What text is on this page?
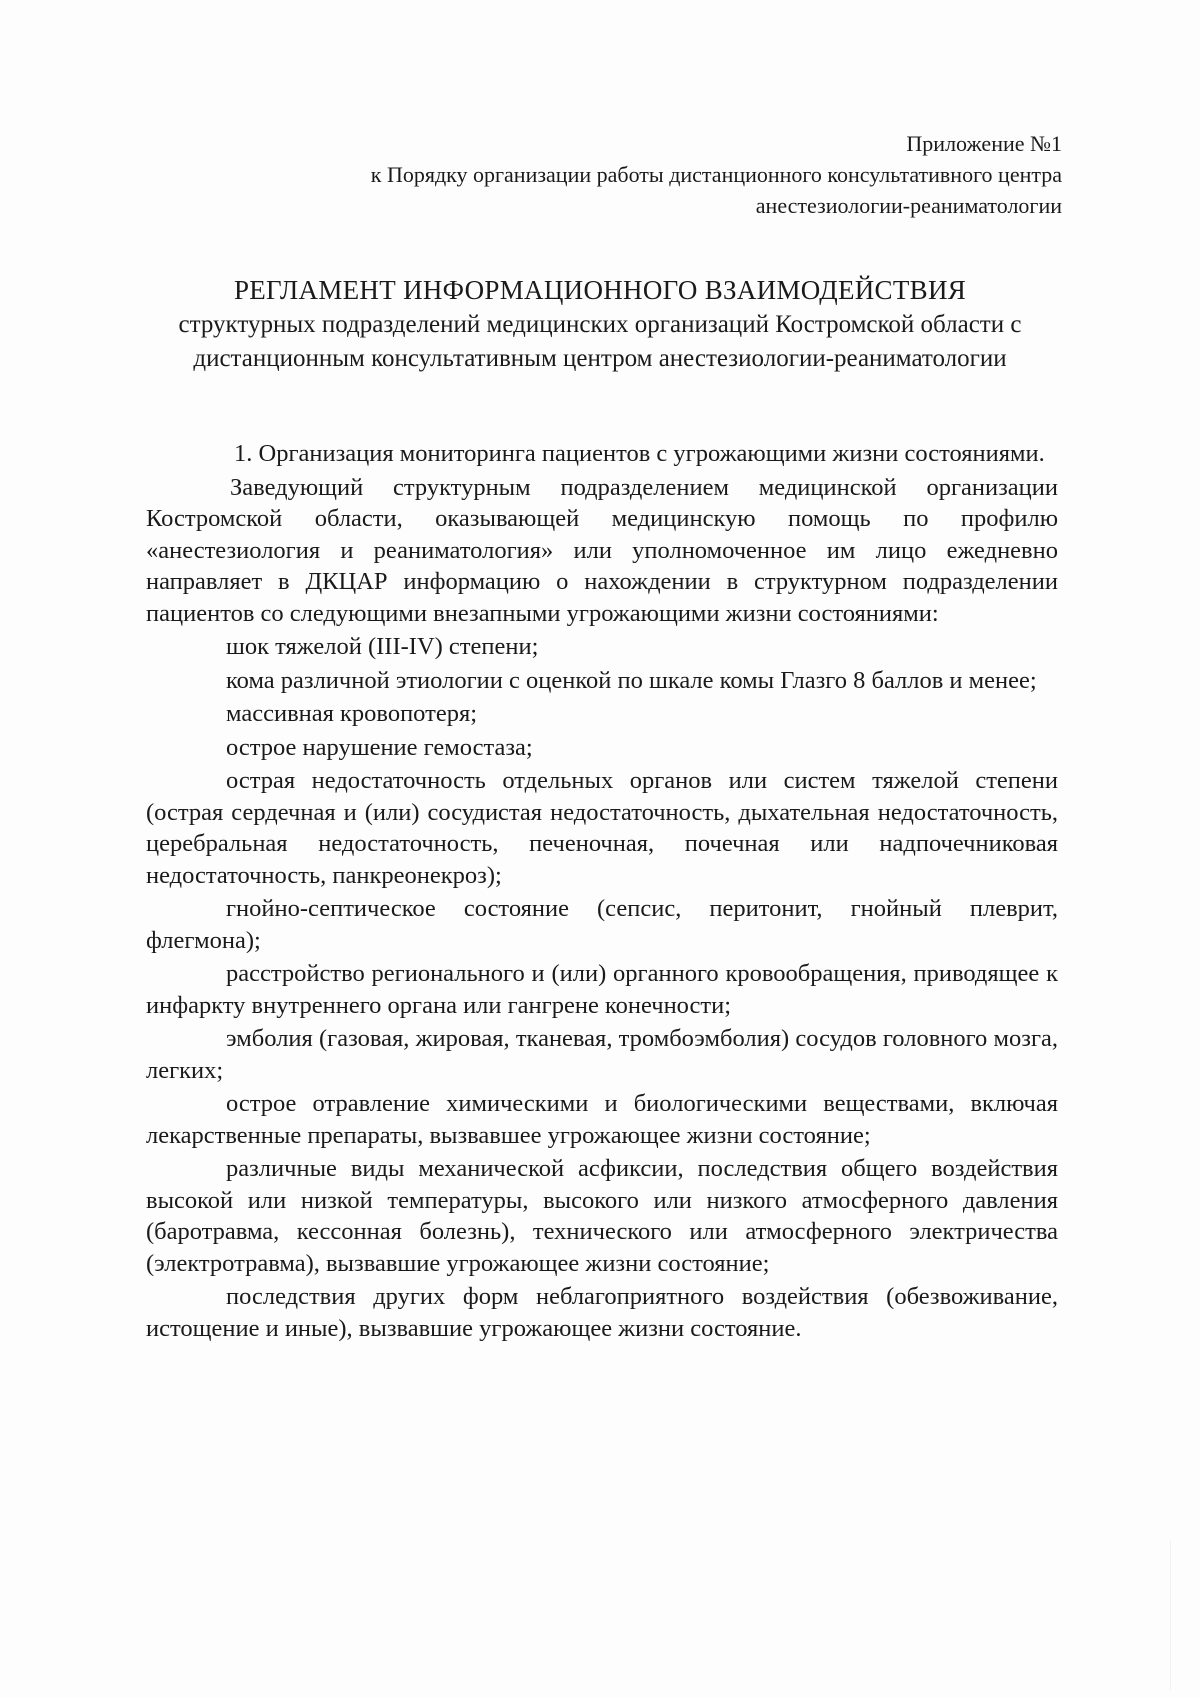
Приложение №1
к Порядку организации работы дистанционного консультативного центра
анестезиологии-реаниматологии
РЕГЛАМЕНТ ИНФОРМАЦИОННОГО ВЗАИМОДЕЙСТВИЯ
структурных подразделений медицинских организаций Костромской области с дистанционным консультативным центром анестезиологии-реаниматологии

1. Организация мониторинга пациентов с угрожающими жизни состояниями.

Заведующий структурным подразделением медицинской организации Костромской области, оказывающей медицинскую помощь по профилю «анестезиология и реаниматология» или уполномоченное им лицо ежедневно направляет в ДКЦАР информацию о нахождении в структурном подразделении пациентов со следующими внезапными угрожающими жизни состояниями:

шок тяжелой (III-IV) степени;

кома различной этиологии с оценкой по шкале комы Глазго 8 баллов и менее;

массивная кровопотеря;

острое нарушение гемостаза;

острая недостаточность отдельных органов или систем тяжелой степени (острая сердечная и (или) сосудистая недостаточность, дыхательная недостаточность, церебральная недостаточность, печеночная, почечная или надпочечниковая недостаточность, панкреонекроз);

гнойно-септическое состояние (сепсис, перитонит, гнойный плеврит, флегмона);

расстройство регионального и (или) органного кровообращения, приводящее к инфаркту внутреннего органа или гангрене конечности;

эмболия (газовая, жировая, тканевая, тромбоэмболия) сосудов головного мозга, легких;

острое отравление химическими и биологическими веществами, включая лекарственные препараты, вызвавшее угрожающее жизни состояние;

различные виды механической асфиксии, последствия общего воздействия высокой или низкой температуры, высокого или низкого атмосферного давления (баротравма, кессонная болезнь), технического или атмосферного электричества (электротравма), вызвавшие угрожающее жизни состояние;

последствия других форм неблагоприятного воздействия (обезвоживание, истощение и иные), вызвавшие угрожающее жизни состояние.
